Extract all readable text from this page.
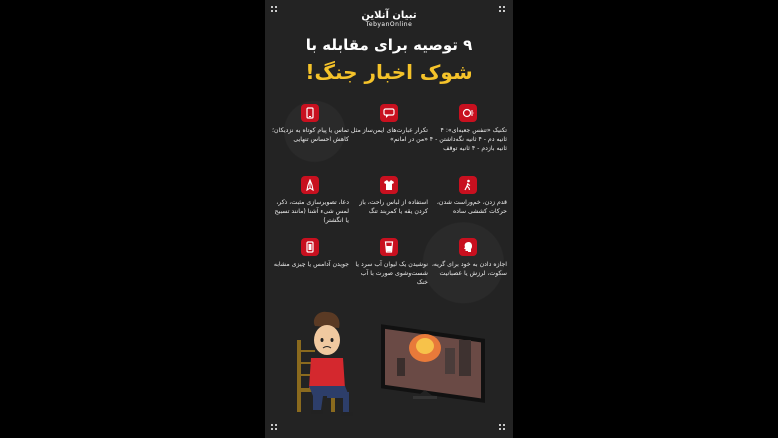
تبیان آنلاین
TebyanOnline
۹ توصیه برای مقابله با
شوک اخبار جنگ!
تکنیک «تنفس جعبه‌ای»: ۴ ثانیه دم - ۴ ثانیه نگه‌داشتن - ۴ ثانیه بازدم - ۴ ثانیه توقف
تکرار عبارت‌های ایمن‌ساز مثل «من در امانم»
تماس یا پیام کوتاه به نزدیکان؛ کاهش احساس تنهایی
قدم زدن، خم‌وراست شدن، حرکات کششی ساده
استفاده از لباس راحت، باز کردن یقه یا کمربند تنگ
دعا، تصویرسازی مثبت، ذکر، لمس شیء آشنا (مانند تسبیح یا انگشتر)
اجازه دادن به خود برای گریه، سکوت، لرزش یا عصبانیت
نوشیدن یک لیوان آب سرد یا شست‌وشوی صورت با آب خنک
جویدن آدامس یا چیزی مشابه
